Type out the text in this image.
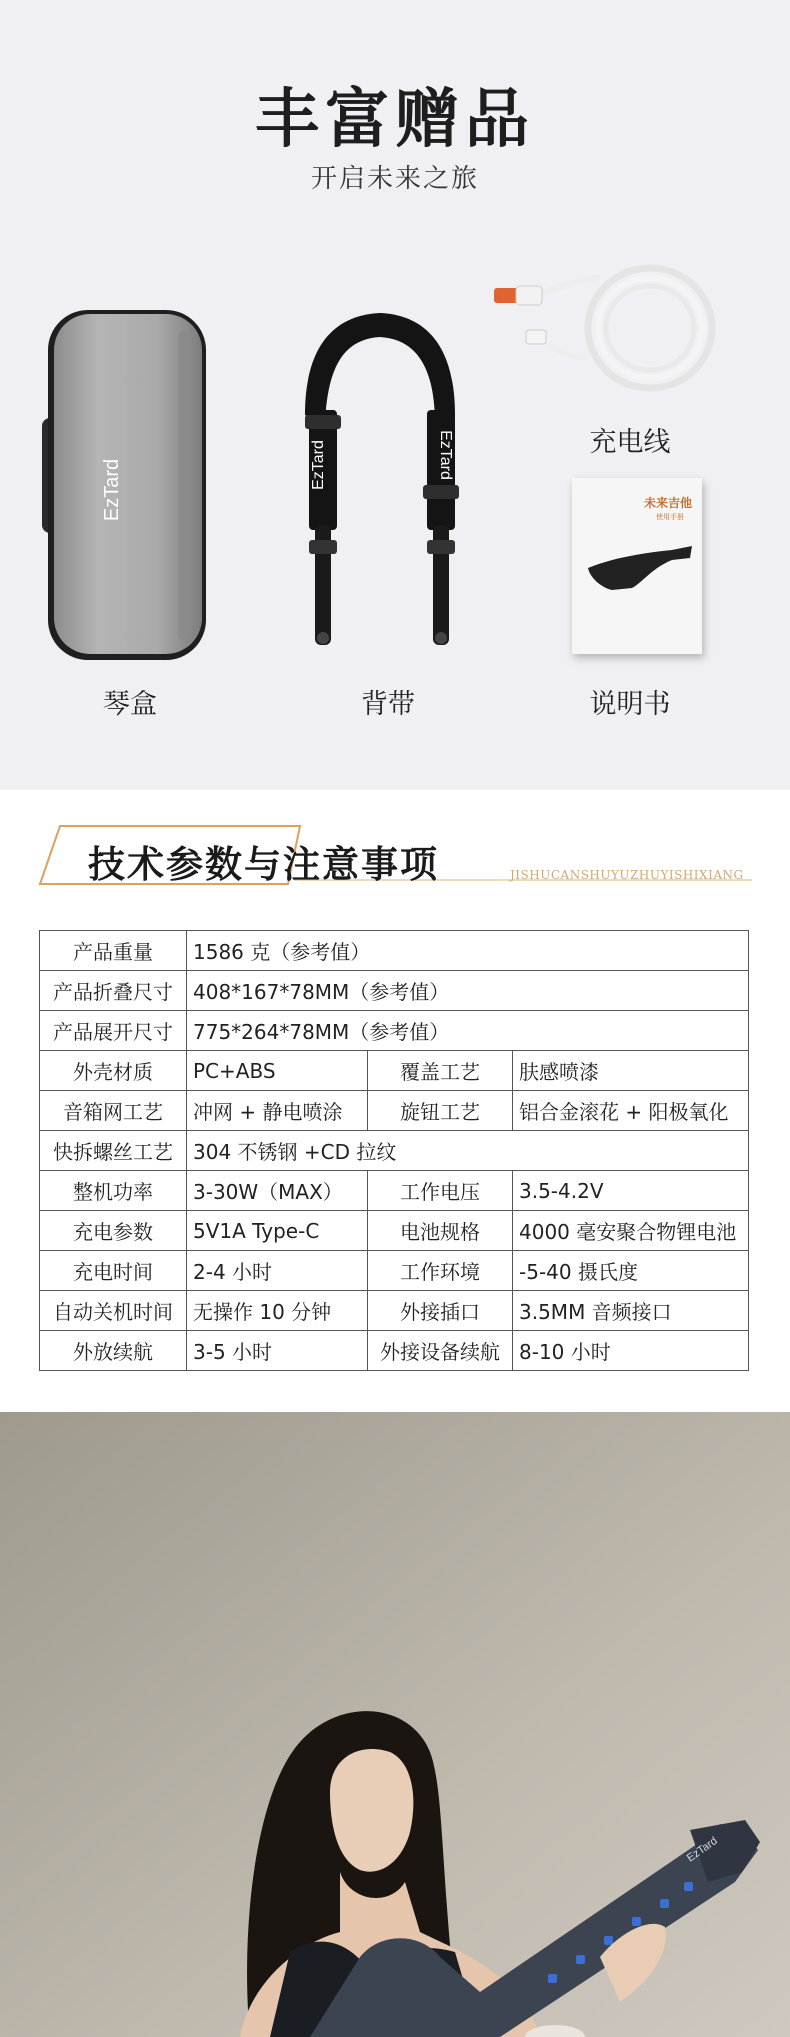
丰富赠品
开启未来之旅
EzTard	EzTard	EzTard	充电线
未来吉他
使用手册
琴盒	背带	说明书
技术参数与注意事项	JISHUCANSHUYUZHUYISHIXIANG
产品重量	1586 克（参考值）		
产品折叠尺寸	408*167*78MM（参考值）		
产品展开尺寸	775*264*78MM（参考值）		
外壳材质	PC+ABS	覆盖工艺	肤感喷漆
音箱网工艺	冲网 + 静电喷涂	旋钮工艺	铝合金滚花 + 阳极氧化
快拆螺丝工艺	304 不锈钢 +CD 拉纹		
整机功率	3-30W（MAX）	工作电压	3.5-4.2V
充电参数	5V1A Type-C	电池规格	4000 毫安聚合物锂电池
充电时间	2-4 小时	工作环境	-5-40 摄氏度
自动关机时间	无操作 10 分钟	外接插口	3.5MM 音频接口
外放续航	3-5 小时	外接设备续航	8-10 小时
EzTard
